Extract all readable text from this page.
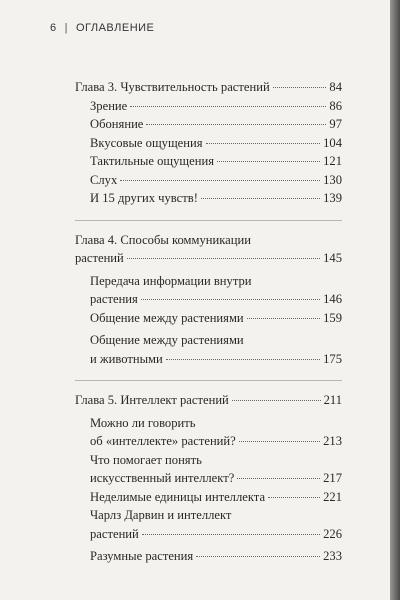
6 | ОГЛАВЛЕНИЕ
Глава 3. Чувствительность растений	84
Зрение	86
Обоняние	97
Вкусовые ощущения	104
Тактильные ощущения	121
Слух	130
И 15 других чувств!	139
Глава 4. Способы коммуникации
растений	145
Передача информации внутри
растения	146
Общение между растениями	159
Общение между растениями
и животными	175
Глава 5. Интеллект растений	211
Можно ли говорить
об «интеллекте» растений?	213
Что помогает понять
искусственный интеллект?	217
Неделимые единицы интеллекта	221
Чарлз Дарвин и интеллект
растений	226
Разумные растения	233
